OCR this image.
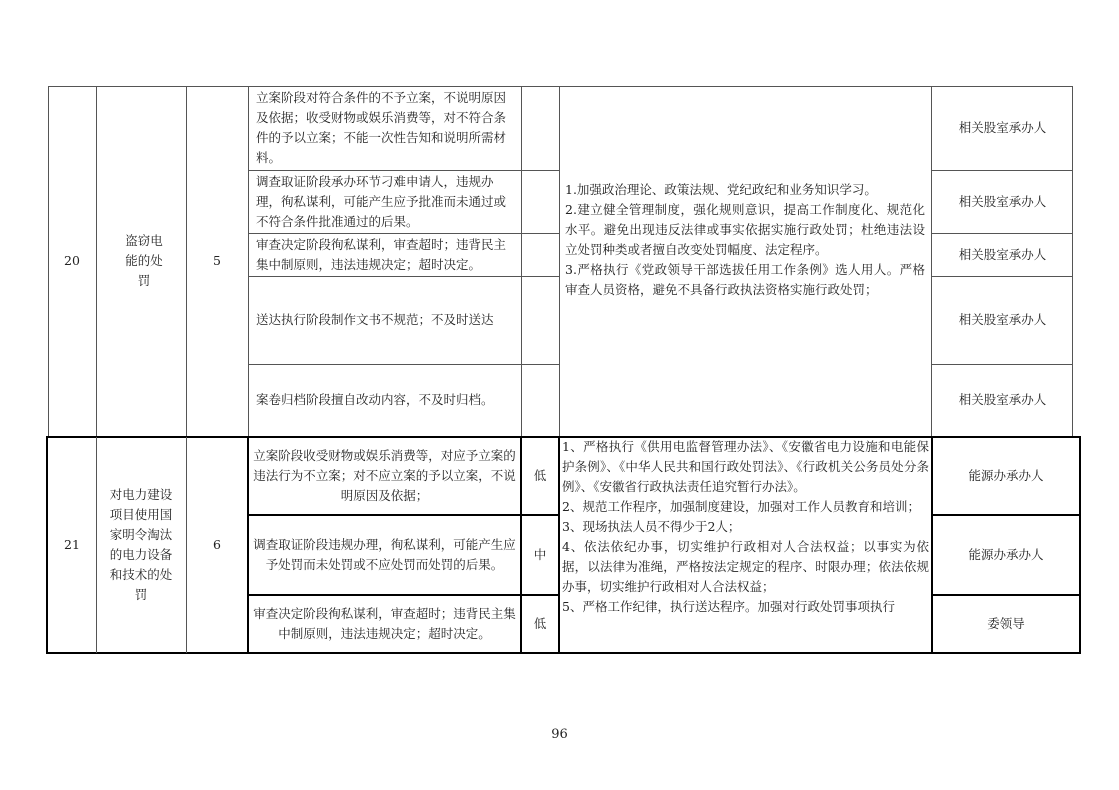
20
盗窃电能的处罚
5
立案阶段对符合条件的不予立案，不说明原因及依据；收受财物或娱乐消费等，对不符合条件的予以立案；不能一次性告知和说明所需材料。
调查取证阶段承办环节刁难申请人，违规办理，徇私谋利，可能产生应予批准而未通过或不符合条件批准通过的后果。
审查决定阶段徇私谋利，审查超时；违背民主集中制原则，违法违规决定；超时决定。
送达执行阶段制作文书不规范；不及时送达
案卷归档阶段擅自改动内容，不及时归档。
1.加强政治理论、政策法规、党纪政纪和业务知识学习。
2.建立健全管理制度，强化规则意识，提高工作制度化、规范化水平。避免出现违反法律或事实依据实施行政处罚；杜绝违法设立处罚种类或者擅自改变处罚幅度、法定程序。
3.严格执行《党政领导干部选拔任用工作条例》选人用人。严格审查人员资格，避免不具备行政执法资格实施行政处罚；
相关股室承办人
相关股室承办人
相关股室承办人
相关股室承办人
相关股室承办人
21
对电力建设项目使用国家明令淘汰的电力设备和技术的处罚
6
立案阶段收受财物或娱乐消费等，对应予立案的违法行为不立案；对不应立案的予以立案，不说明原因及依据；
调查取证阶段违规办理，徇私谋利，可能产生应予处罚而未处罚或不应处罚而处罚的后果。
审查决定阶段徇私谋利，审查超时；违背民主集中制原则，违法违规决定；超时决定。
低
中
低
1、严格执行《供用电监督管理办法》、《安徽省电力设施和电能保护条例》、《中华人民共和国行政处罚法》、《行政机关公务员处分条例》、《安徽省行政执法责任追究暂行办法》。
2、规范工作程序，加强制度建设，加强对工作人员教育和培训；
3、现场执法人员不得少于2人；
4、依法依纪办事，切实维护行政相对人合法权益；以事实为依据，以法律为准绳，严格按法定规定的程序、时限办理；依法依规办事，切实维护行政相对人合法权益；
5、严格工作纪律，执行送达程序。加强对行政处罚事项执行
能源办承办人
能源办承办人
委领导
96
